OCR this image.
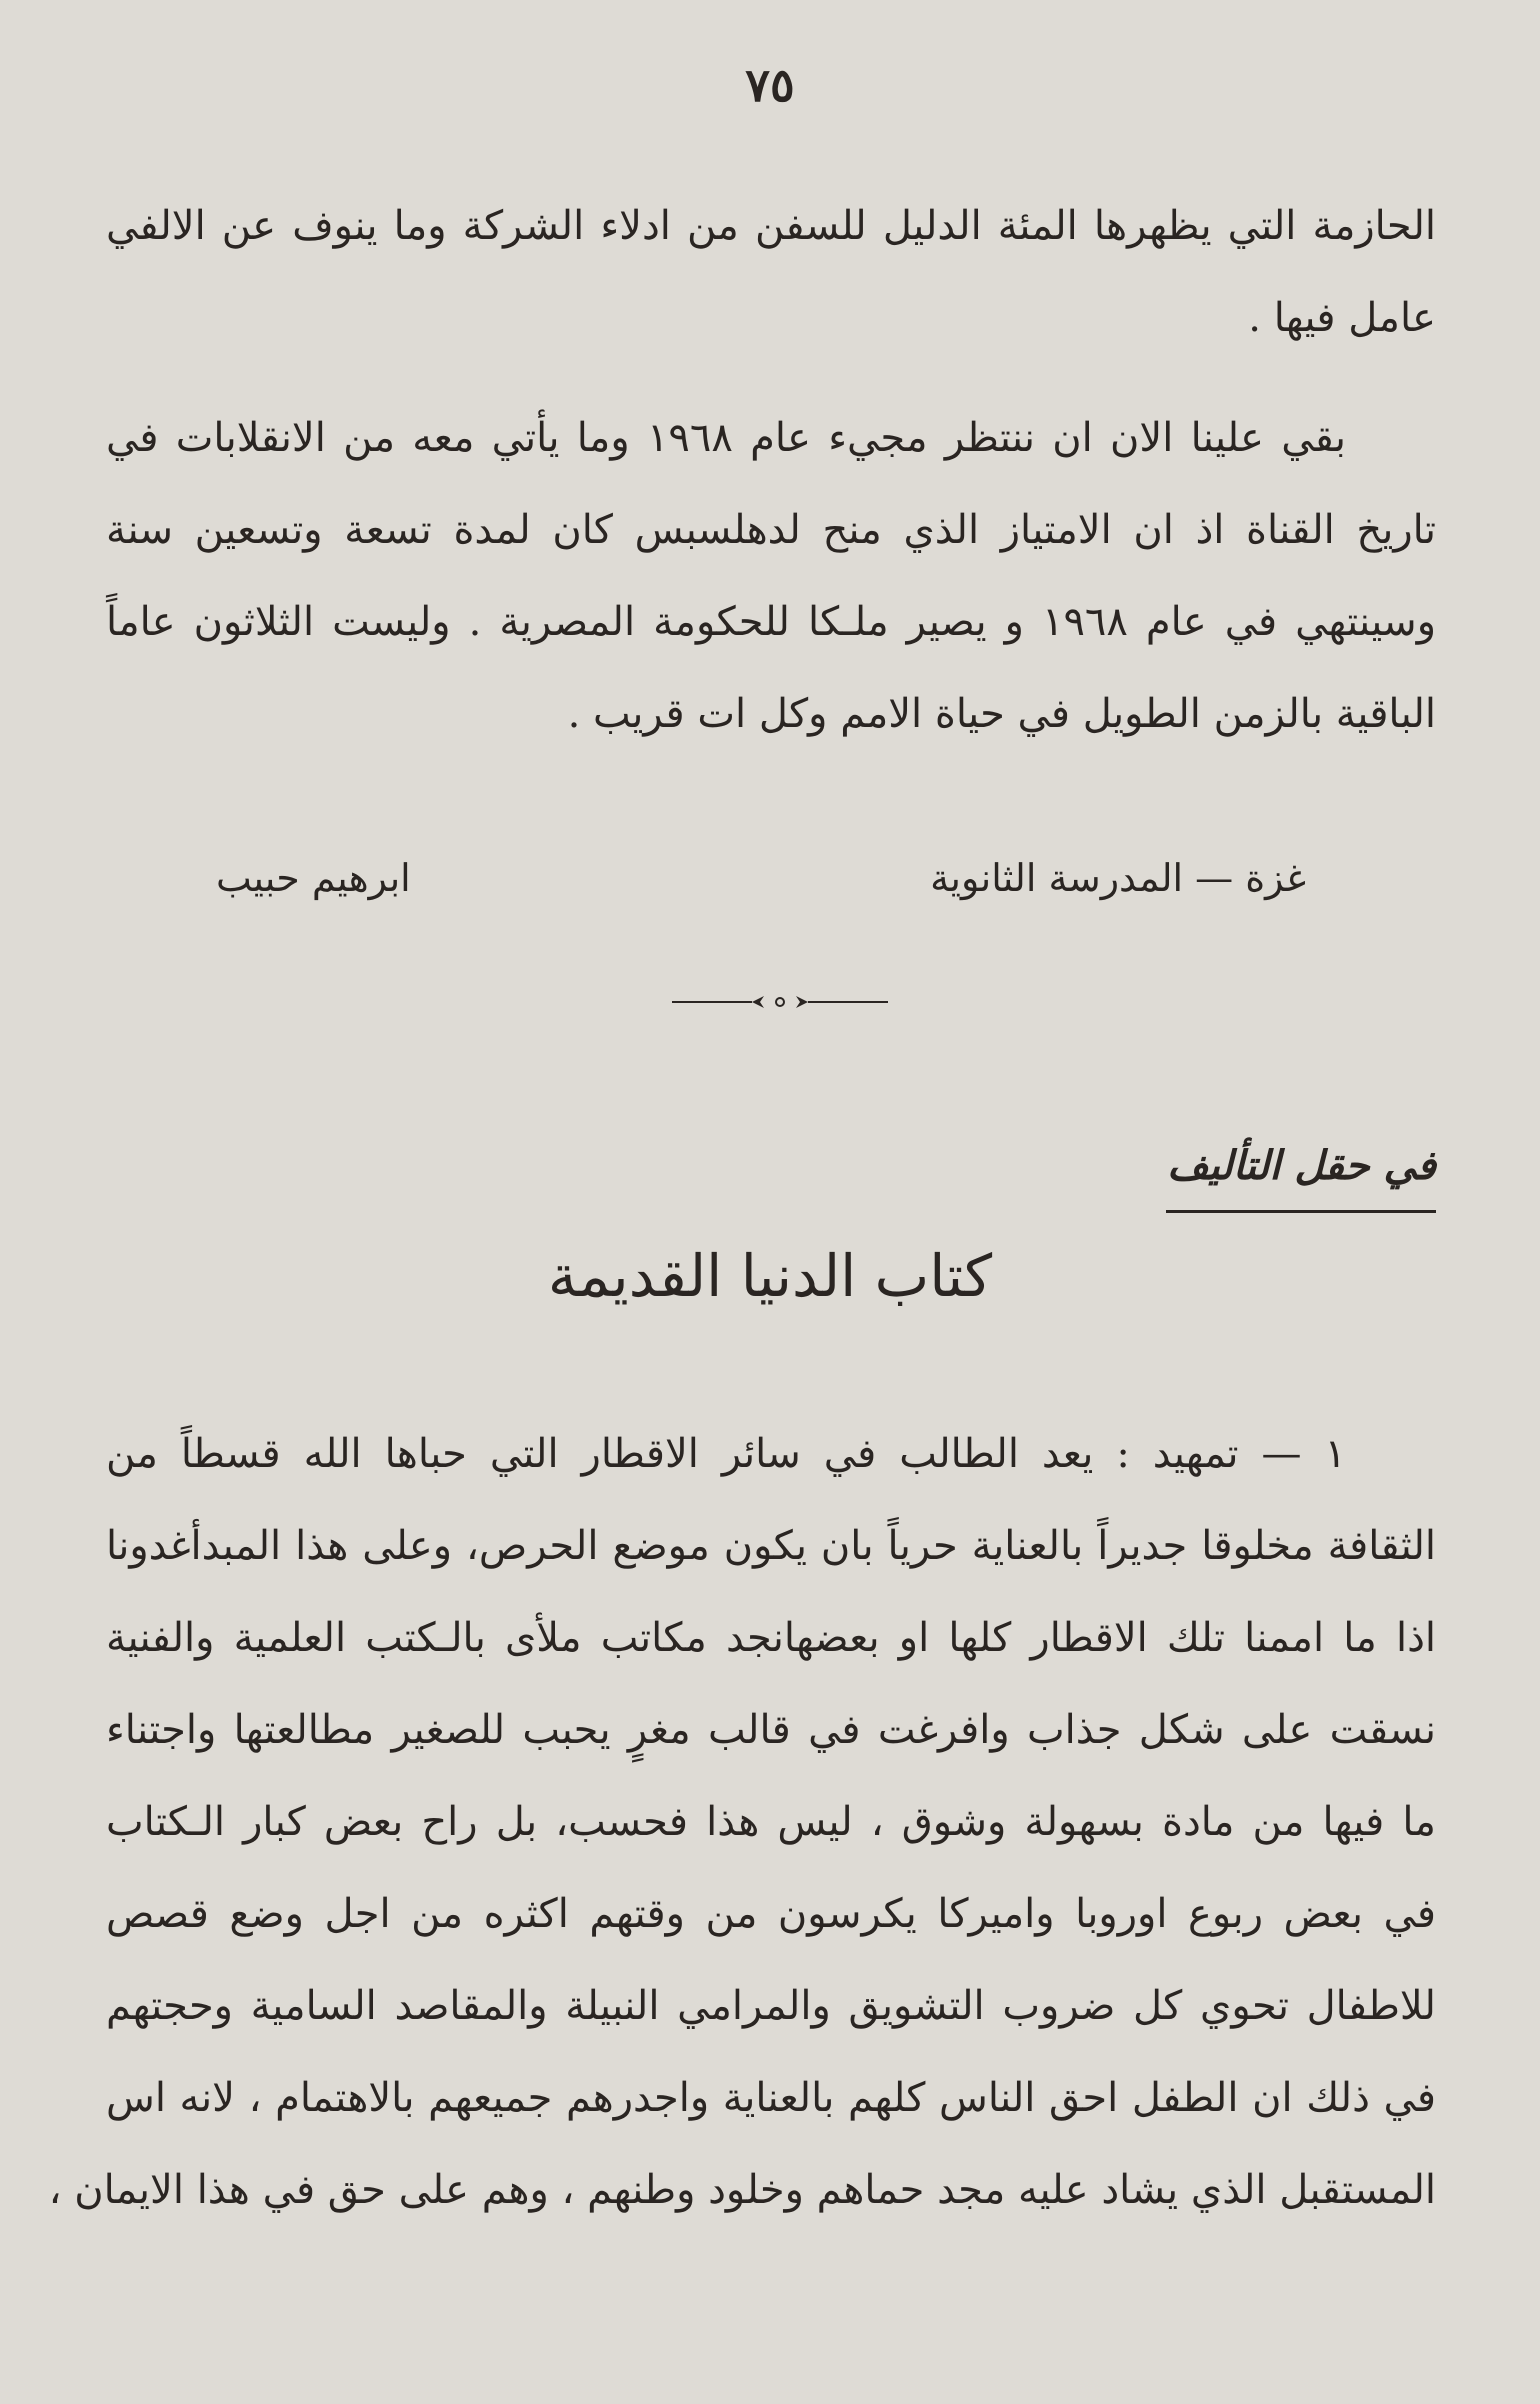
٧٥
الحازمة التي يظهرها المئة الدليل للسفن من ادلاء الشركة وما ينوف عن الالفي
عامل فيها .
بقي علينا الان ان ننتظر مجيء عام ١٩٦٨ وما يأتي معه من الانقلابات في
تاريخ القناة اذ ان الامتياز الذي منح لدهلسبس كان لمدة تسعة وتسعين سنة
وسينتهي في عام ١٩٦٨ و يصير ملـكا للحكومة المصرية . وليست الثلاثون عاماً
الباقية بالزمن الطويل في حياة الامم وكل ات قريب .
غزة — المدرسة الثانوية
ابرهيم حبيب
في حقل التأليف
كتاب الدنيا القديمة
١ — تمهيد : يعد الطالب في سائر الاقطار التي حباها الله قسطاً من
الثقافة مخلوقا جديراً بالعناية حرياً بان يكون موضع الحرص، وعلى هذا المبدأغدونا
اذا ما اممنا تلك الاقطار كلها او بعضهانجد مكاتب ملأى بالـكتب العلمية والفنية
نسقت على شكل جذاب وافرغت في قالب مغرٍ يحبب للصغير مطالعتها واجتناء
ما فيها من مادة بسهولة وشوق ، ليس هذا فحسب، بل راح بعض كبار الـكتاب
في بعض ربوع اوروبا واميركا يكرسون من وقتهم اكثره من اجل وضع قصص
للاطفال تحوي كل ضروب التشويق والمرامي النبيلة والمقاصد السامية وحجتهم
في ذلك ان الطفل احق الناس كلهم بالعناية واجدرهم جميعهم بالاهتمام ، لانه اس
المستقبل الذي يشاد عليه مجد حماهم وخلود وطنهم ، وهم على حق في هذا الايمان ،
